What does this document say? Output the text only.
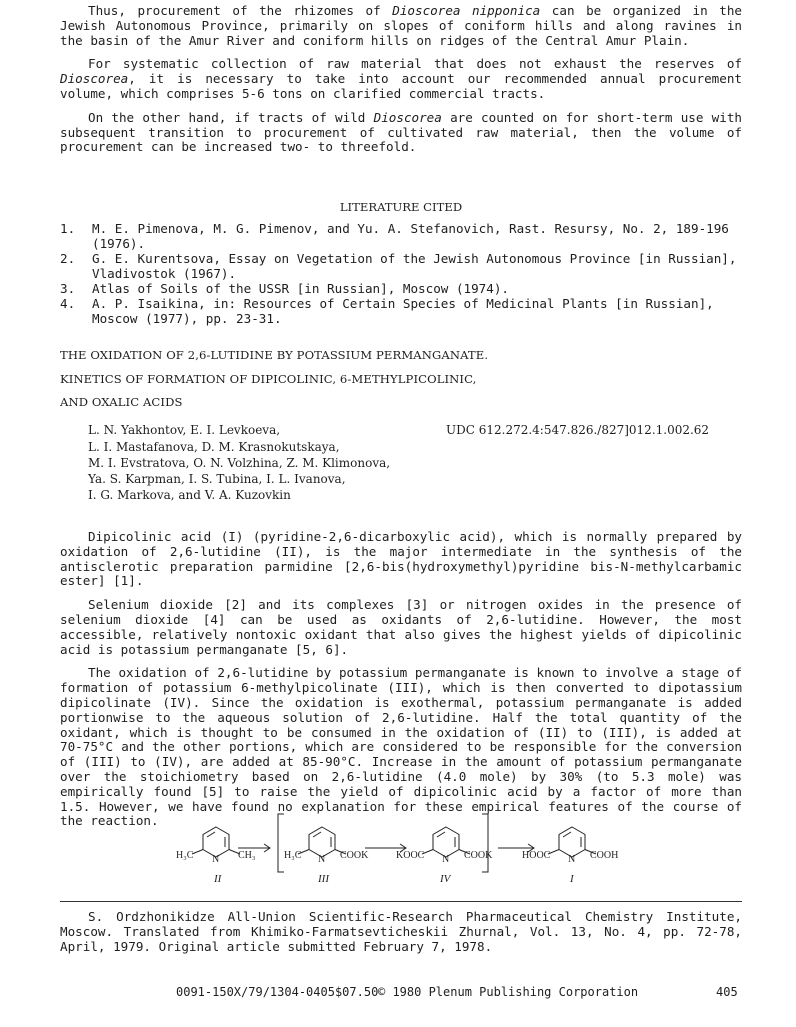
Thus, procurement of the rhizomes of Dioscorea nipponica can be organized in the Jewish Autonomous Province, primarily on slopes of coniform hills and along ravines in the basin of the Amur River and coniform hills on ridges of the Central Amur Plain.

For systematic collection of raw material that does not exhaust the reserves of Dioscorea, it is necessary to take into account our recommended annual procurement volume, which comprises 5-6 tons on clarified commercial tracts.

On the other hand, if tracts of wild Dioscorea are counted on for short-term use with subsequent transition to procurement of cultivated raw material, then the volume of procurement can be increased two- to threefold.

LITERATURE CITED
1. M. E. Pimenova, M. G. Pimenov, and Yu. A. Stefanovich, Rast. Resursy, No. 2, 189-196 (1976).
2. G. E. Kurentsova, Essay on Vegetation of the Jewish Autonomous Province [in Russian], Vladivostok (1967).
3. Atlas of Soils of the USSR [in Russian], Moscow (1974).
4. A. P. Isaikina, in: Resources of Certain Species of Medicinal Plants [in Russian], Moscow (1977), pp. 23-31.
THE OXIDATION OF 2,6-LUTIDINE BY POTASSIUM PERMANGANATE.
KINETICS OF FORMATION OF DIPICOLINIC, 6-METHYLPICOLINIC,
AND OXALIC ACIDS
L. N. Yakhontov, E. I. Levkoeva,
L. I. Mastafanova, D. M. Krasnokutskaya,
M. I. Evstratova, O. N. Volzhina, Z. M. Klimonova,
Ya. S. Karpman, I. S. Tubina, I. L. Ivanova,
I. G. Markova, and V. A. Kuzovkin
UDC 612.272.4:547.826./827]012.1.002.62

Dipicolinic acid (I) (pyridine-2,6-dicarboxylic acid), which is normally prepared by oxidation of 2,6-lutidine (II), is the major intermediate in the synthesis of the antisclerotic preparation parmidine [2,6-bis(hydroxymethyl)pyridine bis-N-methylcarbamic ester] [1].

Selenium dioxide [2] and its complexes [3] or nitrogen oxides in the presence of selenium dioxide [4] can be used as oxidants of 2,6-lutidine. However, the most accessible, relatively nontoxic oxidant that also gives the highest yields of dipicolinic acid is potassium permanganate [5, 6].

The oxidation of 2,6-lutidine by potassium permanganate is known to involve a stage of formation of potassium 6-methylpicolinate (III), which is then converted to dipotassium dipicolinate (IV). Since the oxidation is exothermal, potassium permanganate is added portionwise to the aqueous solution of 2,6-lutidine. Half the total quantity of the oxidant, which is thought to be consumed in the oxidation of (II) to (III), is added at 70-75°C and the other portions, which are considered to be responsible for the conversion of (III) to (IV), are added at 85-90°C. Increase in the amount of potassium permanganate over the stoichiometry based on 2,6-lutidine (4.0 mole) by 30% (to 5.3 mole) was empirically found [5] to raise the yield of dipicolinic acid by a factor of more than 1.5. However, we have found no explanation for these empirical features of the course of the reaction.

H₃C N CH₃
II
H₃C N COOK
III
KOOC N COOK
IV
HOOC N COOH
I

S. Ordzhonikidze All-Union Scientific-Research Pharmaceutical Chemistry Institute, Moscow. Translated from Khimiko-Farmatsevticheskii Zhurnal, Vol. 13, No. 4, pp. 72-78, April, 1979. Original article submitted February 7, 1978.

0091-150X/79/1304-0405$07.50 © 1980 Plenum Publishing Corporation	405
